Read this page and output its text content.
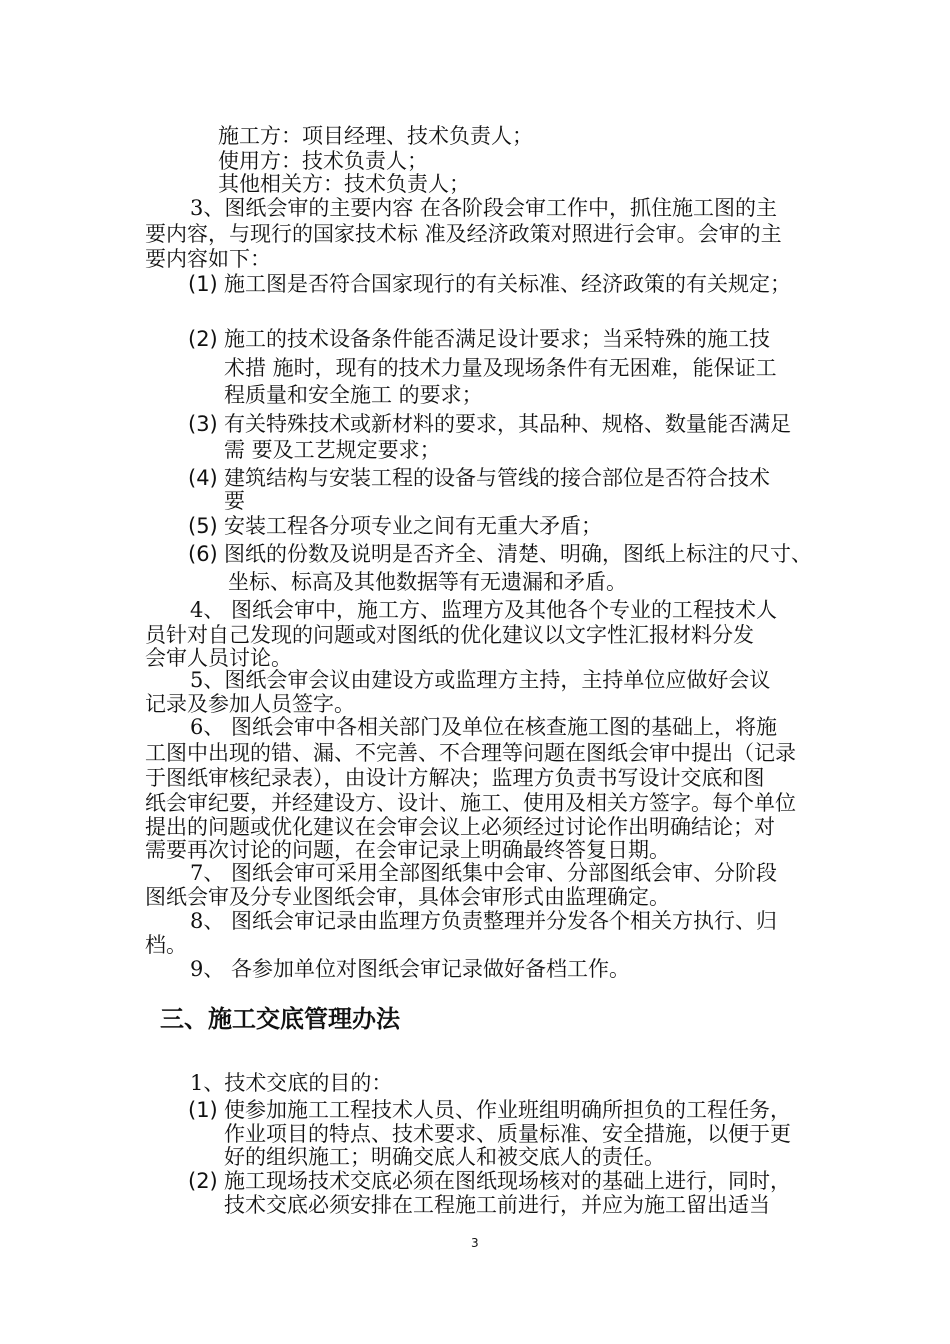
施工方：项目经理、技术负责人；
使用方：技术负责人；
其他相关方：技术负责人；
3、图纸会审的主要内容 在各阶段会审工作中，抓住施工图的主
要内容，与现行的国家技术标 准及经济政策对照进行会审。会审的主
要内容如下：
(1) 施工图是否符合国家现行的有关标准、经济政策的有关规定；
(2) 施工的技术设备条件能否满足设计要求；当采特殊的施工技
术措 施时，现有的技术力量及现场条件有无困难，能保证工
程质量和安全施工 的要求；
(3) 有关特殊技术或新材料的要求，其品种、规格、数量能否满足
需 要及工艺规定要求；
(4) 建筑结构与安装工程的设备与管线的接合部位是否符合技术
要
(5) 安装工程各分项专业之间有无重大矛盾；
(6) 图纸的份数及说明是否齐全、清楚、明确，图纸上标注的尺寸、
坐标、标高及其他数据等有无遗漏和矛盾。
4、 图纸会审中，施工方、监理方及其他各个专业的工程技术人
员针对自己发现的问题或对图纸的优化建议以文字性汇报材料分发
会审人员讨论。
5、图纸会审会议由建设方或监理方主持，主持单位应做好会议
记录及参加人员签字。
6、 图纸会审中各相关部门及单位在核查施工图的基础上，将施
工图中出现的错、漏、不完善、不合理等问题在图纸会审中提出（记录
于图纸审核纪录表），由设计方解决；监理方负责书写设计交底和图
纸会审纪要，并经建设方、设计、施工、使用及相关方签字。每个单位
提出的问题或优化建议在会审会议上必须经过讨论作出明确结论；对
需要再次讨论的问题，在会审记录上明确最终答复日期。
7、 图纸会审可采用全部图纸集中会审、分部图纸会审、分阶段
图纸会审及分专业图纸会审，具体会审形式由监理确定。
8、 图纸会审记录由监理方负责整理并分发各个相关方执行、归
档。
9、 各参加单位对图纸会审记录做好备档工作。
三、施工交底管理办法
1、技术交底的目的：
(1) 使参加施工工程技术人员、作业班组明确所担负的工程任务，
作业项目的特点、技术要求、质量标准、安全措施，以便于更
好的组织施工；明确交底人和被交底人的责任。
(2) 施工现场技术交底必须在图纸现场核对的基础上进行，同时，
技术交底必须安排在工程施工前进行，并应为施工留出适当
3
